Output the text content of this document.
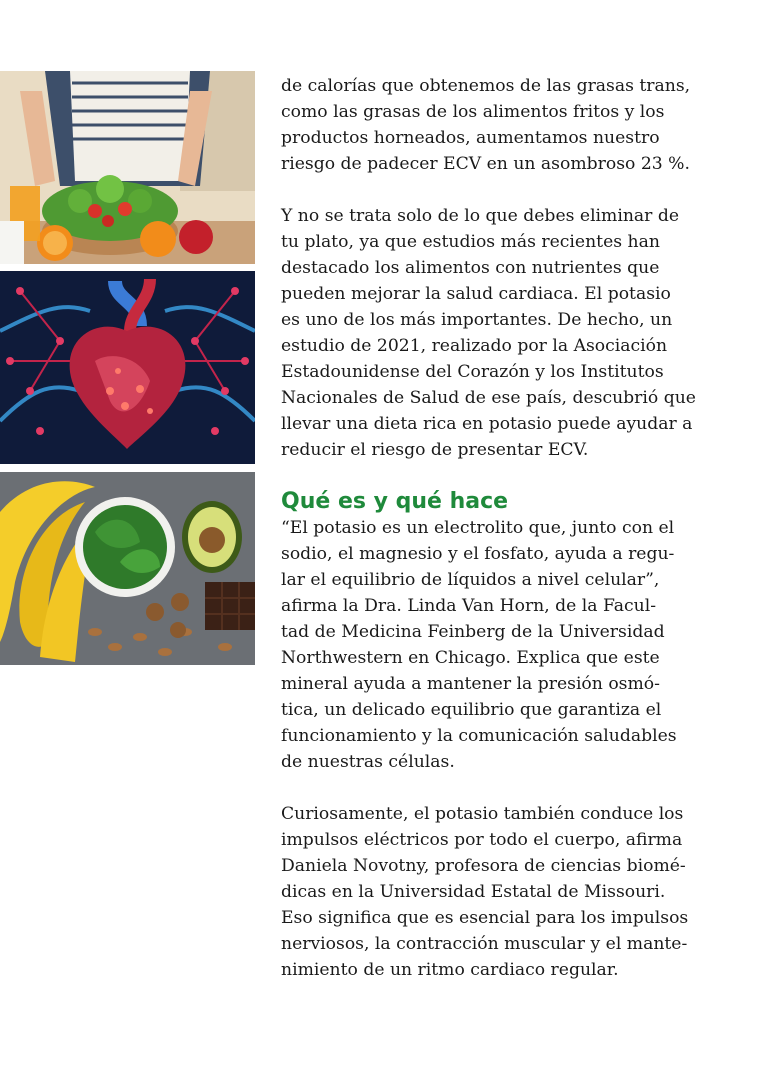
de calorías que obtenemos de las grasas trans,
como las grasas de los alimentos fritos y los
productos horneados, aumentamos nuestro
riesgo de padecer ECV en un asombroso 23 %.

Y no se trata solo de lo que debes eliminar de
tu plato, ya que estudios más recientes han
destacado los alimentos con nutrientes que
pueden mejorar la salud cardiaca. El potasio
es uno de los más importantes. De hecho, un
estudio de 2021, realizado por la Asociación
Estadounidense del Corazón y los Institutos
Nacionales de Salud de ese país, descubrió que
llevar una dieta rica en potasio puede ayudar a
reducir el riesgo de presentar ECV.

Qué es y qué hace

“El potasio es un electrolito que, junto con el
sodio, el magnesio y el fosfato, ayuda a regu-
lar el equilibrio de líquidos a nivel celular”,
afirma la Dra. Linda Van Horn, de la Facul-
tad de Medicina Feinberg de la Universidad
Northwestern en Chicago. Explica que este
mineral ayuda a mantener la presión osmó-
tica, un delicado equilibrio que garantiza el
funcionamiento y la comunicación saludables
de nuestras células.

Curiosamente, el potasio también conduce los
impulsos eléctricos por todo el cuerpo, afirma
Daniela Novotny, profesora de ciencias biomé-
dicas en la Universidad Estatal de Missouri.
Eso significa que es esencial para los impulsos
nerviosos, la contracción muscular y el mante-
nimiento de un ritmo cardiaco regular.
